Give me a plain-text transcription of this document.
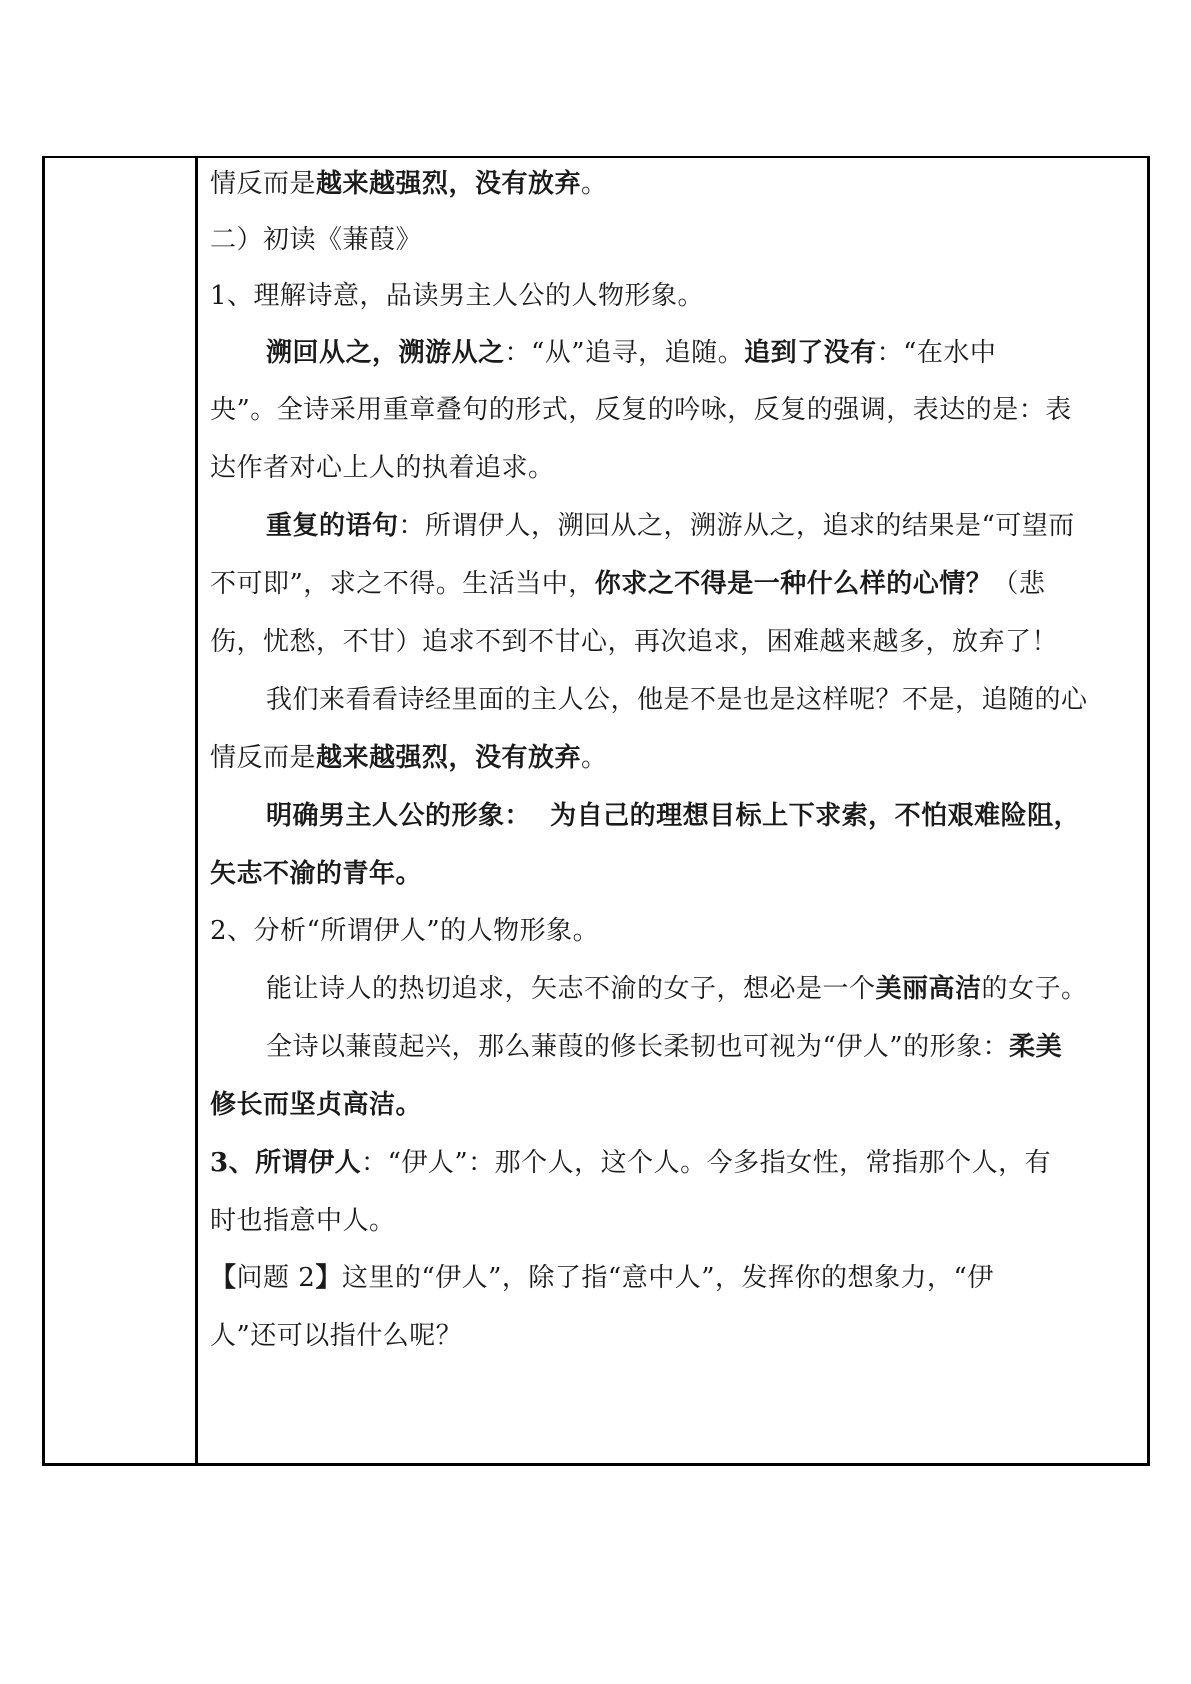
情反而是越来越强烈，没有放弃。
二）初读《蒹葭》
1、理解诗意，品读男主人公的人物形象。
溯回从之，溯游从之：“从”追寻，追随。追到了没有：“在水中
央”。全诗采用重章叠句的形式，反复的吟咏，反复的强调，表达的是：表
达作者对心上人的执着追求。
重复的语句：所谓伊人，溯回从之，溯游从之，追求的结果是“可望而
不可即”，求之不得。生活当中，你求之不得是一种什么样的心情？（悲
伤，忧愁，不甘）追求不到不甘心，再次追求，困难越来越多，放弃了！
我们来看看诗经里面的主人公，他是不是也是这样呢？不是，追随的心
情反而是越来越强烈，没有放弃。
明确男主人公的形象：  为自己的理想目标上下求索，不怕艰难险阻，
矢志不渝的青年。
2、分析“所谓伊人”的人物形象。
能让诗人的热切追求，矢志不渝的女子，想必是一个美丽高洁的女子。
全诗以蒹葭起兴，那么蒹葭的修长柔韧也可视为“伊人”的形象：柔美
修长而坚贞高洁。
3、所谓伊人：“伊人”：那个人，这个人。今多指女性，常指那个人，有
时也指意中人。
【问题 2】这里的“伊人”，除了指“意中人”，发挥你的想象力，“伊
人”还可以指什么呢？
